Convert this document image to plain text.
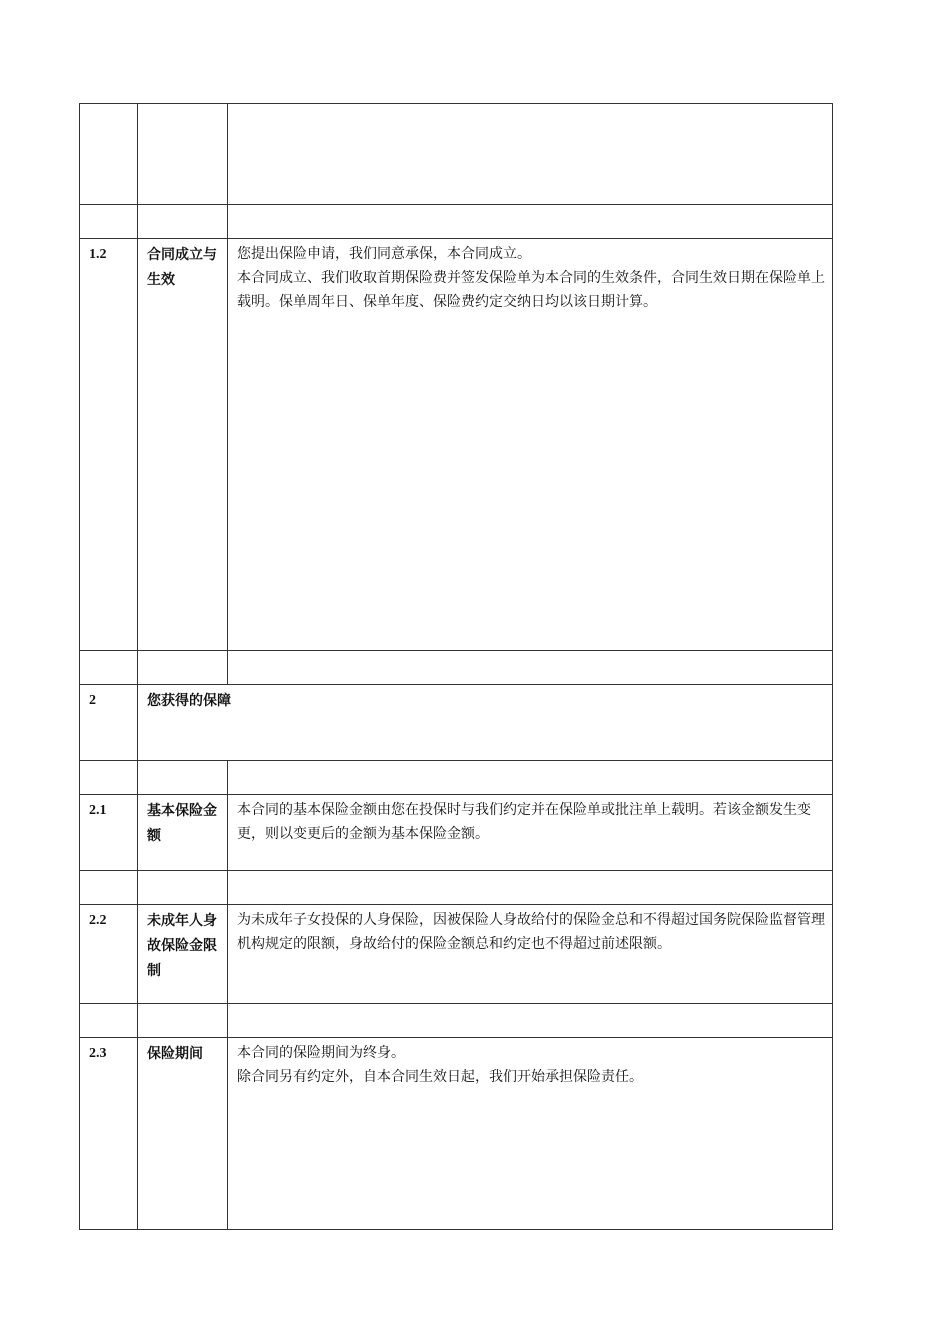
1.2	合同成立与生效	您提出保险申请，我们同意承保，本合同成立。

本合同成立、我们收取首期保险费并签发保险单为本合同的生效条件，合同生效日期在保险单上载明。保单周年日、保单年度、保险费约定交纳日均以该日期计算。

2	您获得的保障	

2.1	基本保险金额	本合同的基本保险金额由您在投保时与我们约定并在保险单或批注单上载明。若该金额发生变更，则以变更后的金额为基本保险金额。

2.2	未成年人身故保险金限制	为未成年子女投保的人身保险，因被保险人身故给付的保险金总和不得超过国务院保险监督管理机构规定的限额，身故给付的保险金额总和约定也不得超过前述限额。

2.3	保险期间	本合同的保险期间为终身。

除合同另有约定外，自本合同生效日起，我们开始承担保险责任。
